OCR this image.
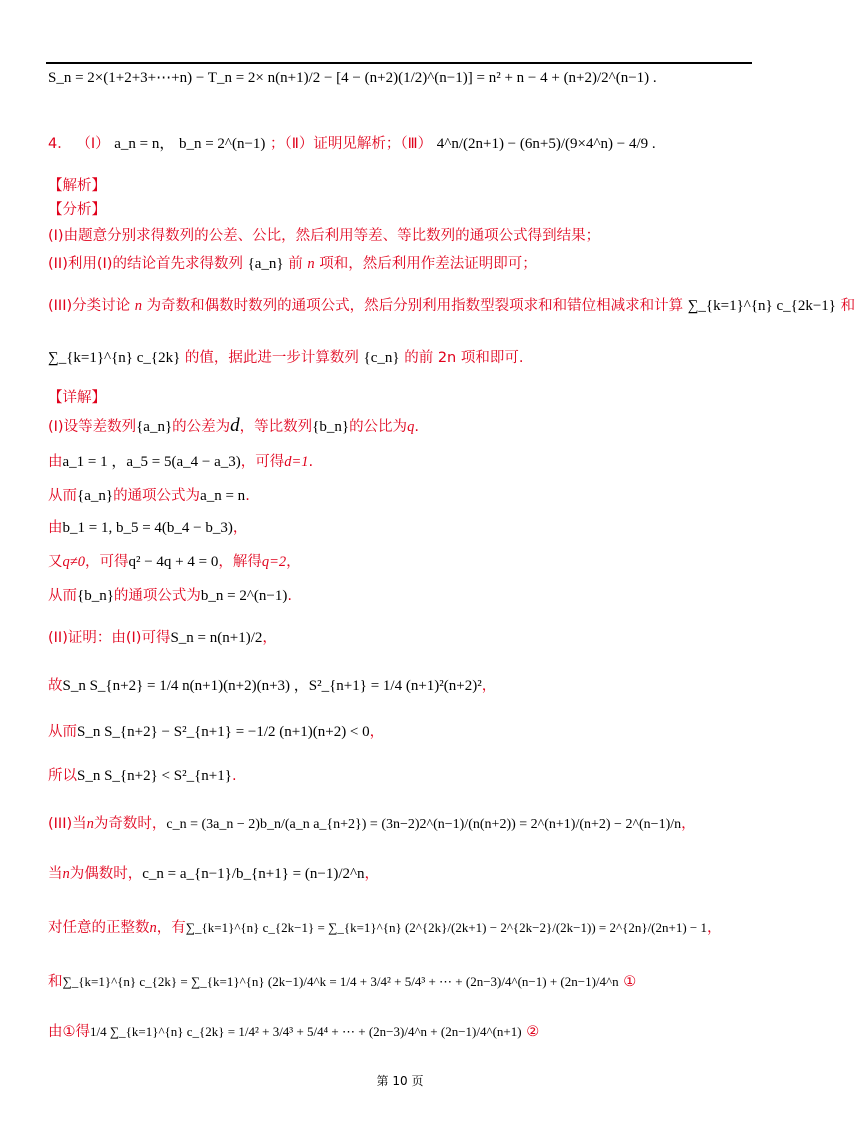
S_n = 2×(1+2+3+⋯+n) − T_n = 2× n(n+1)/2 − [4 − (n+2)(1/2)^(n−1)] = n² + n − 4 + (n+2)/2^(n−1) .
4． （Ⅰ） a_n = n， b_n = 2^(n−1) ；（Ⅱ）证明见解析；（Ⅲ） 4^n/(2n+1) − (6n+5)/(9×4^n) − 4/9 .
【解析】
【分析】
(I)由题意分别求得数列的公差、公比，然后利用等差、等比数列的通项公式得到结果；
(II)利用(I)的结论首先求得数列 {a_n} 前 n 项和，然后利用作差法证明即可；
(III)分类讨论 n 为奇数和偶数时数列的通项公式，然后分别利用指数型裂项求和和错位相减求和计算 ∑_{k=1}^{n} c_{2k−1} 和
∑_{k=1}^{n} c_{2k} 的值，据此进一步计算数列 {c_n} 的前 2n 项和即可.
【详解】
(I)设等差数列{a_n}的公差为d，等比数列{b_n}的公比为q.
由a_1 = 1 ，a_5 = 5(a_4 − a_3)，可得d=1.
从而{a_n}的通项公式为a_n = n.
由b_1 = 1, b_5 = 4(b_4 − b_3)，
又q≠0，可得q² − 4q + 4 = 0，解得q=2，
从而{b_n}的通项公式为b_n = 2^(n−1).
(II)证明：由(I)可得S_n = n(n+1)/2，
故S_n S_{n+2} = 1/4 n(n+1)(n+2)(n+3) ，S²_{n+1} = 1/4 (n+1)²(n+2)²，
从而S_n S_{n+2} − S²_{n+1} = −1/2 (n+1)(n+2) < 0，
所以S_n S_{n+2} < S²_{n+1}.
(III)当n为奇数时，c_n = (3a_n − 2)b_n/(a_n a_{n+2}) = (3n−2)2^(n−1)/(n(n+2)) = 2^(n+1)/(n+2) − 2^(n−1)/n，
当n为偶数时，c_n = a_{n−1}/b_{n+1} = (n−1)/2^n，
对任意的正整数n，有∑_{k=1}^{n} c_{2k−1} = ∑_{k=1}^{n} (2^{2k}/(2k+1) − 2^{2k−2}/(2k−1)) = 2^{2n}/(2n+1) − 1，
和∑_{k=1}^{n} c_{2k} = ∑_{k=1}^{n} (2k−1)/4^k = 1/4 + 3/4² + 5/4³ + ⋯ + (2n−3)/4^(n−1) + (2n−1)/4^n ①
由①得1/4 ∑_{k=1}^{n} c_{2k} = 1/4² + 3/4³ + 5/4⁴ + ⋯ + (2n−3)/4^n + (2n−1)/4^(n+1) ②
第 10 页
